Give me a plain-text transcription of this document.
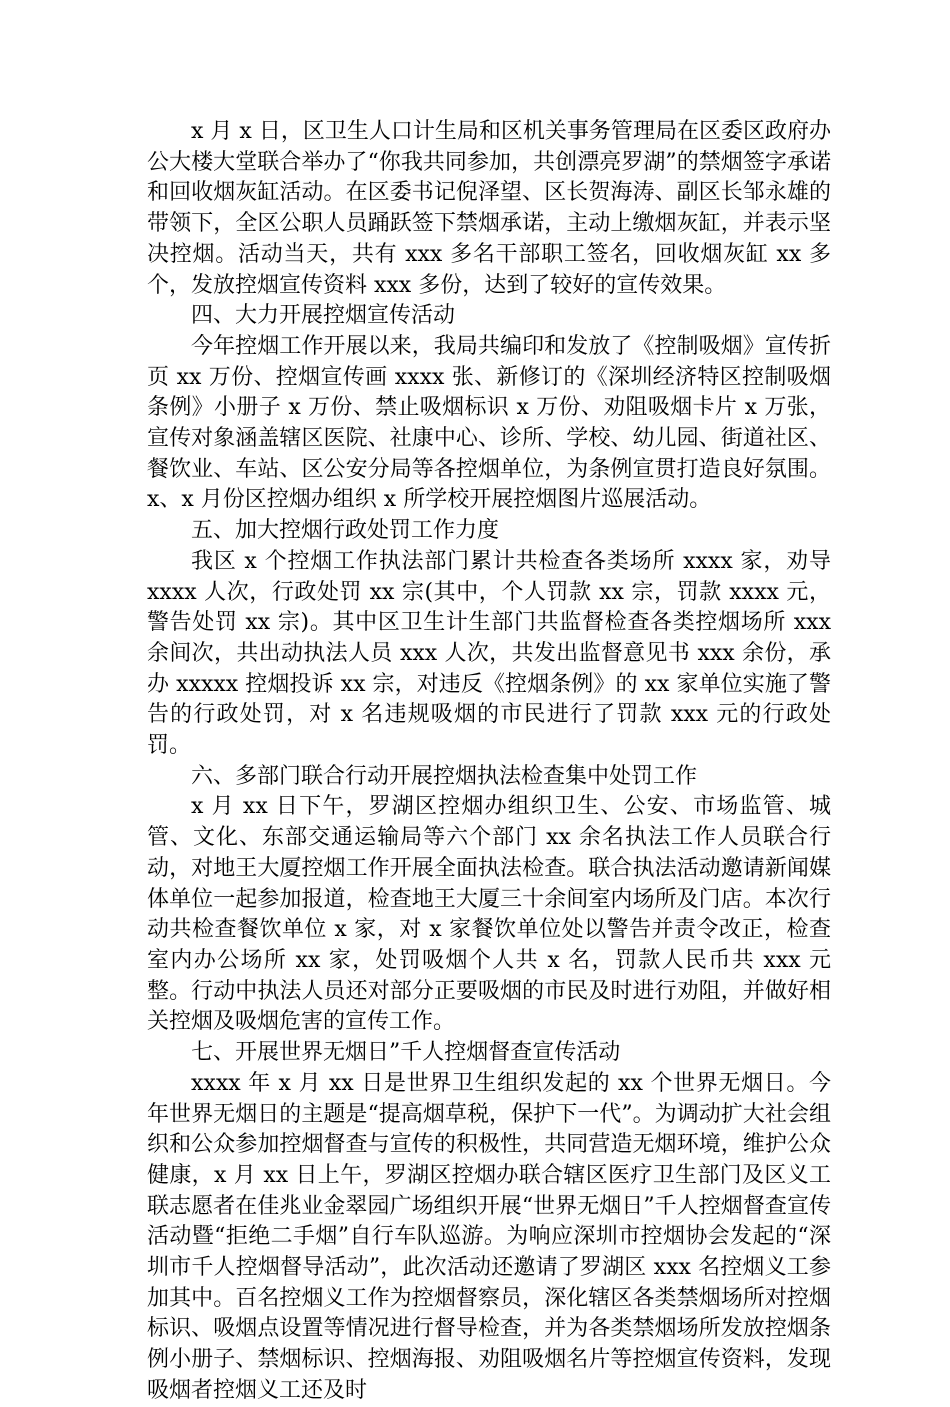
x 月 x 日，区卫生人口计生局和区机关事务管理局在区委区政府办公大楼大堂联合举办了“你我共同参加，共创漂亮罗湖”的禁烟签字承诺和回收烟灰缸活动。在区委书记倪泽望、区长贺海涛、副区长邹永雄的带领下，全区公职人员踊跃签下禁烟承诺，主动上缴烟灰缸，并表示坚决控烟。活动当天，共有 xxx 多名干部职工签名，回收烟灰缸 xx 多个，发放控烟宣传资料 xxx 多份，达到了较好的宣传效果。

四、大力开展控烟宣传活动

今年控烟工作开展以来，我局共编印和发放了《控制吸烟》宣传折页 xx 万份、控烟宣传画 xxxx 张、新修订的《深圳经济特区控制吸烟条例》小册子 x 万份、禁止吸烟标识 x 万份、劝阻吸烟卡片 x 万张，宣传对象涵盖辖区医院、社康中心、诊所、学校、幼儿园、街道社区、餐饮业、车站、区公安分局等各控烟单位，为条例宣贯打造良好氛围。x、x 月份区控烟办组织 x 所学校开展控烟图片巡展活动。

五、加大控烟行政处罚工作力度

我区 x 个控烟工作执法部门累计共检查各类场所 xxxx 家，劝导 xxxx 人次，行政处罚 xx 宗(其中，个人罚款 xx 宗，罚款 xxxx 元，警告处罚 xx 宗)。其中区卫生计生部门共监督检查各类控烟场所 xxx 余间次，共出动执法人员 xxx 人次，共发出监督意见书 xxx 余份，承办 xxxxx 控烟投诉 xx 宗，对违反《控烟条例》的 xx 家单位实施了警告的行政处罚，对 x 名违规吸烟的市民进行了罚款 xxx 元的行政处罚。

六、多部门联合行动开展控烟执法检查集中处罚工作

x 月 xx 日下午，罗湖区控烟办组织卫生、公安、市场监管、城管、文化、东部交通运输局等六个部门 xx 余名执法工作人员联合行动，对地王大厦控烟工作开展全面执法检查。联合执法活动邀请新闻媒体单位一起参加报道，检查地王大厦三十余间室内场所及门店。本次行动共检查餐饮单位 x 家，对 x 家餐饮单位处以警告并责令改正，检查室内办公场所 xx 家，处罚吸烟个人共 x 名，罚款人民币共 xxx 元整。行动中执法人员还对部分正要吸烟的市民及时进行劝阻，并做好相关控烟及吸烟危害的宣传工作。

七、开展世界无烟日”千人控烟督查宣传活动

xxxx 年 x 月 xx 日是世界卫生组织发起的 xx 个世界无烟日。今年世界无烟日的主题是“提高烟草税，保护下一代”。为调动扩大社会组织和公众参加控烟督查与宣传的积极性，共同营造无烟环境，维护公众健康，x 月 xx 日上午，罗湖区控烟办联合辖区医疗卫生部门及区义工联志愿者在佳兆业金翠园广场组织开展“世界无烟日”千人控烟督查宣传活动暨“拒绝二手烟”自行车队巡游。为响应深圳市控烟协会发起的“深圳市千人控烟督导活动”，此次活动还邀请了罗湖区 xxx 名控烟义工参加其中。百名控烟义工作为控烟督察员，深化辖区各类禁烟场所对控烟标识、吸烟点设置等情况进行督导检查，并为各类禁烟场所发放控烟条例小册子、禁烟标识、控烟海报、劝阻吸烟名片等控烟宣传资料，发现吸烟者控烟义工还及时
